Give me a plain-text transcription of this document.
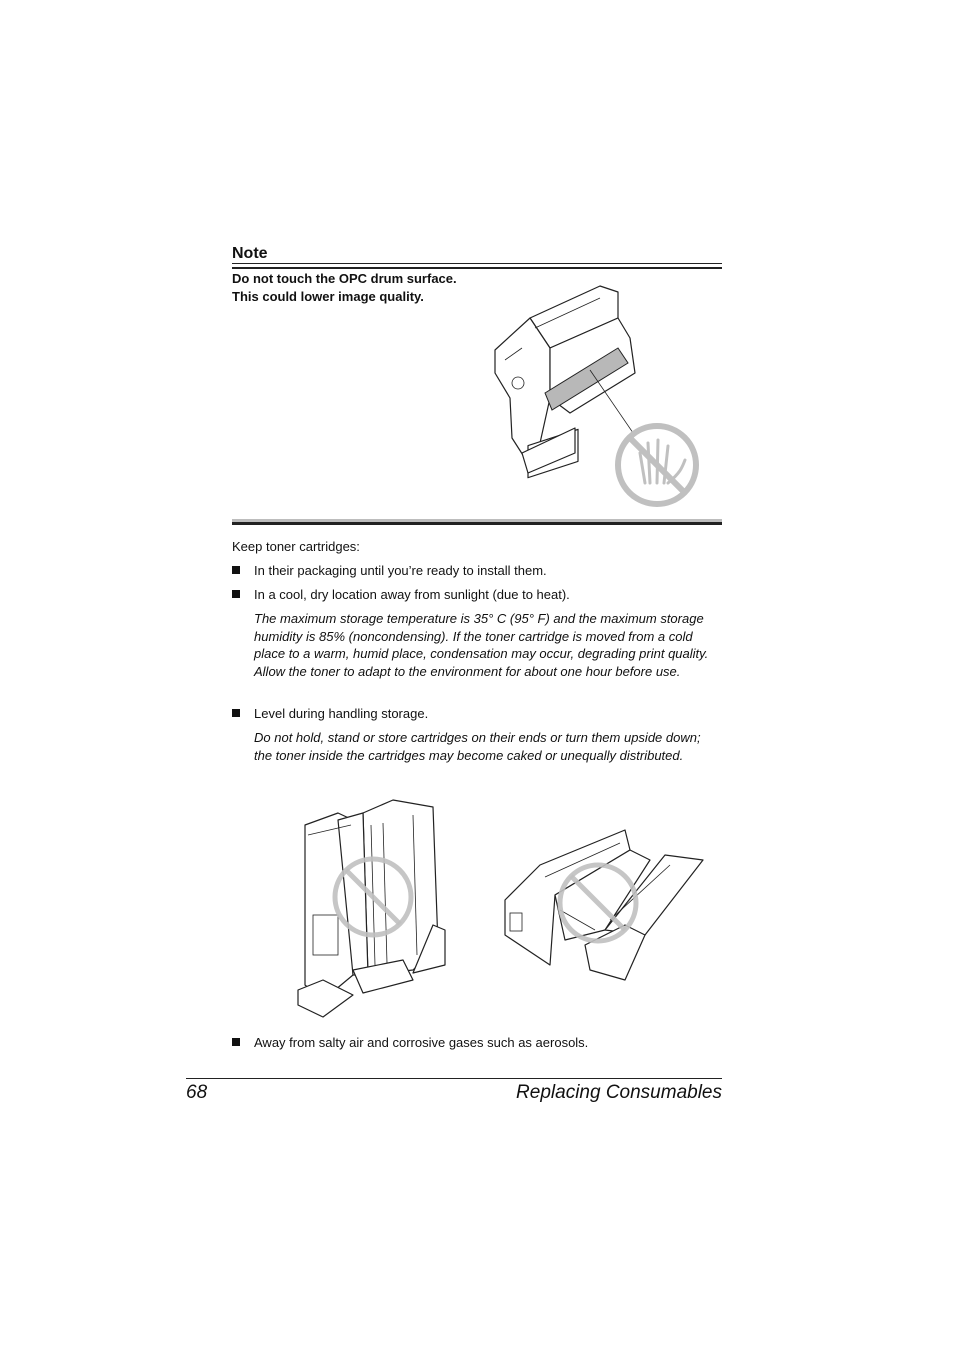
Note
Do not touch the OPC drum surface. This could lower image quality.
Keep toner cartridges:
In their packaging until you’re ready to install them.
In a cool, dry location away from sunlight (due to heat).
The maximum storage temperature is 35° C (95° F) and the maximum storage humidity is 85% (noncondensing). If the toner cartridge is moved from a cold place to a warm, humid place, condensation may occur, degrading print quality. Allow the toner to adapt to the environment for about one hour before use.
Level during handling storage.
Do not hold, stand or store cartridges on their ends or turn them upside down; the toner inside the cartridges may become caked or unequally distributed.
Away from salty air and corrosive gases such as aerosols.
68	Replacing Consumables
